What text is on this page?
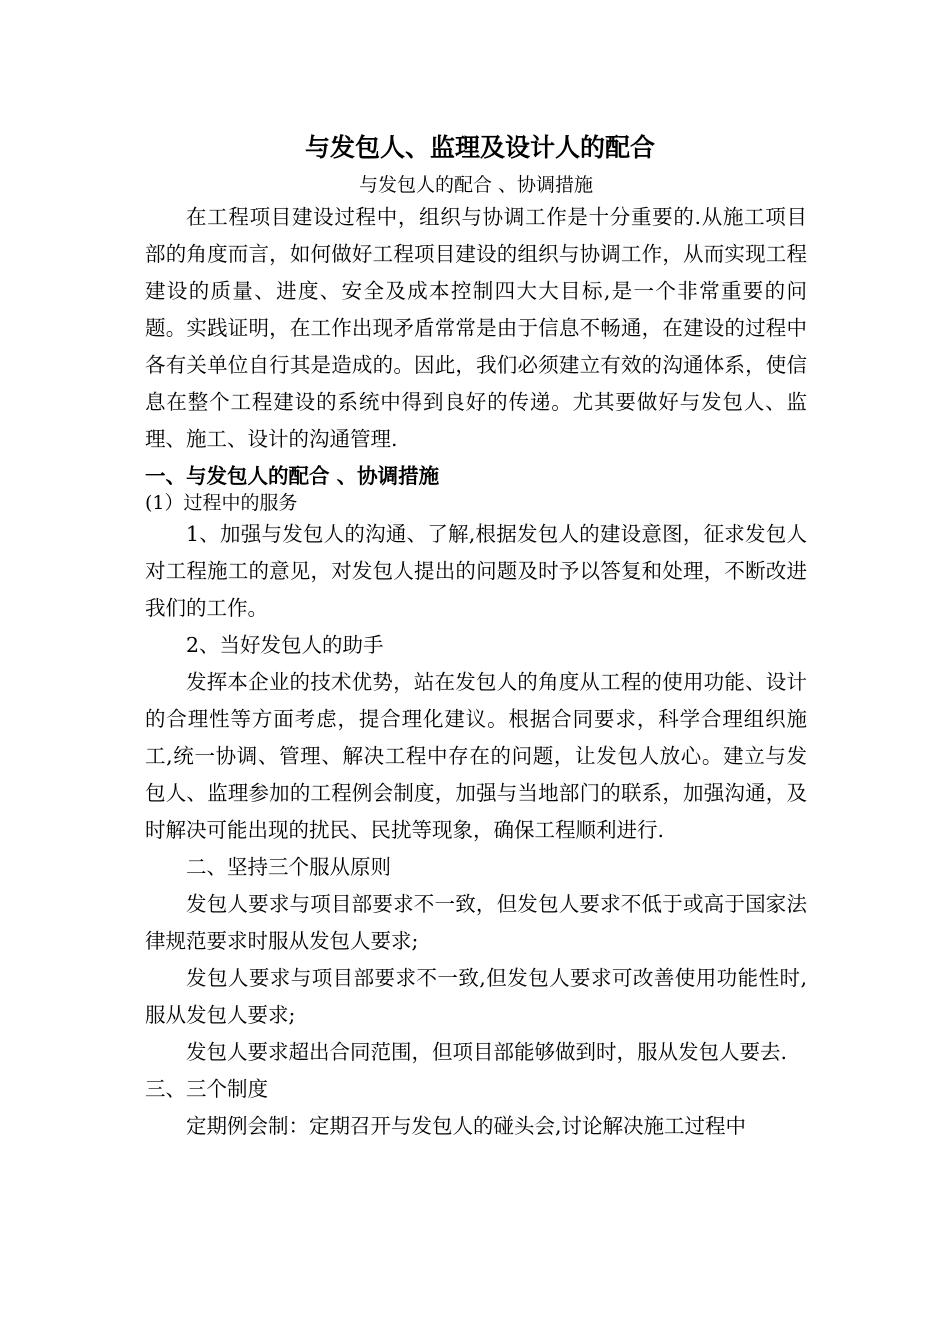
与发包人、监理及设计人的配合
与发包人的配合 、协调措施

在工程项目建设过程中，组织与协调工作是十分重要的.从施工项目部的角度而言，如何做好工程项目建设的组织与协调工作，从而实现工程建设的质量、进度、安全及成本控制四大大目标,是一个非常重要的问题。实践证明，在工作出现矛盾常常是由于信息不畅通，在建设的过程中各有关单位自行其是造成的。因此，我们必须建立有效的沟通体系，使信息在整个工程建设的系统中得到良好的传递。尤其要做好与发包人、监理、施工、设计的沟通管理.

一、与发包人的配合 、协调措施
(1）过程中的服务

1、加强与发包人的沟通、了解,根据发包人的建设意图，征求发包人对工程施工的意见，对发包人提出的问题及时予以答复和处理，不断改进我们的工作。

2、当好发包人的助手

发挥本企业的技术优势，站在发包人的角度从工程的使用功能、设计的合理性等方面考虑，提合理化建议。根据合同要求，科学合理组织施工,统一协调、管理、解决工程中存在的问题，让发包人放心。建立与发包人、监理参加的工程例会制度，加强与当地部门的联系，加强沟通，及时解决可能出现的扰民、民扰等现象，确保工程顺利进行.

二、坚持三个服从原则

发包人要求与项目部要求不一致，但发包人要求不低于或高于国家法律规范要求时服从发包人要求;

发包人要求与项目部要求不一致,但发包人要求可改善使用功能性时,服从发包人要求;

发包人要求超出合同范围，但项目部能够做到时，服从发包人要去.

三、三个制度

定期例会制：定期召开与发包人的碰头会,讨论解决施工过程中
